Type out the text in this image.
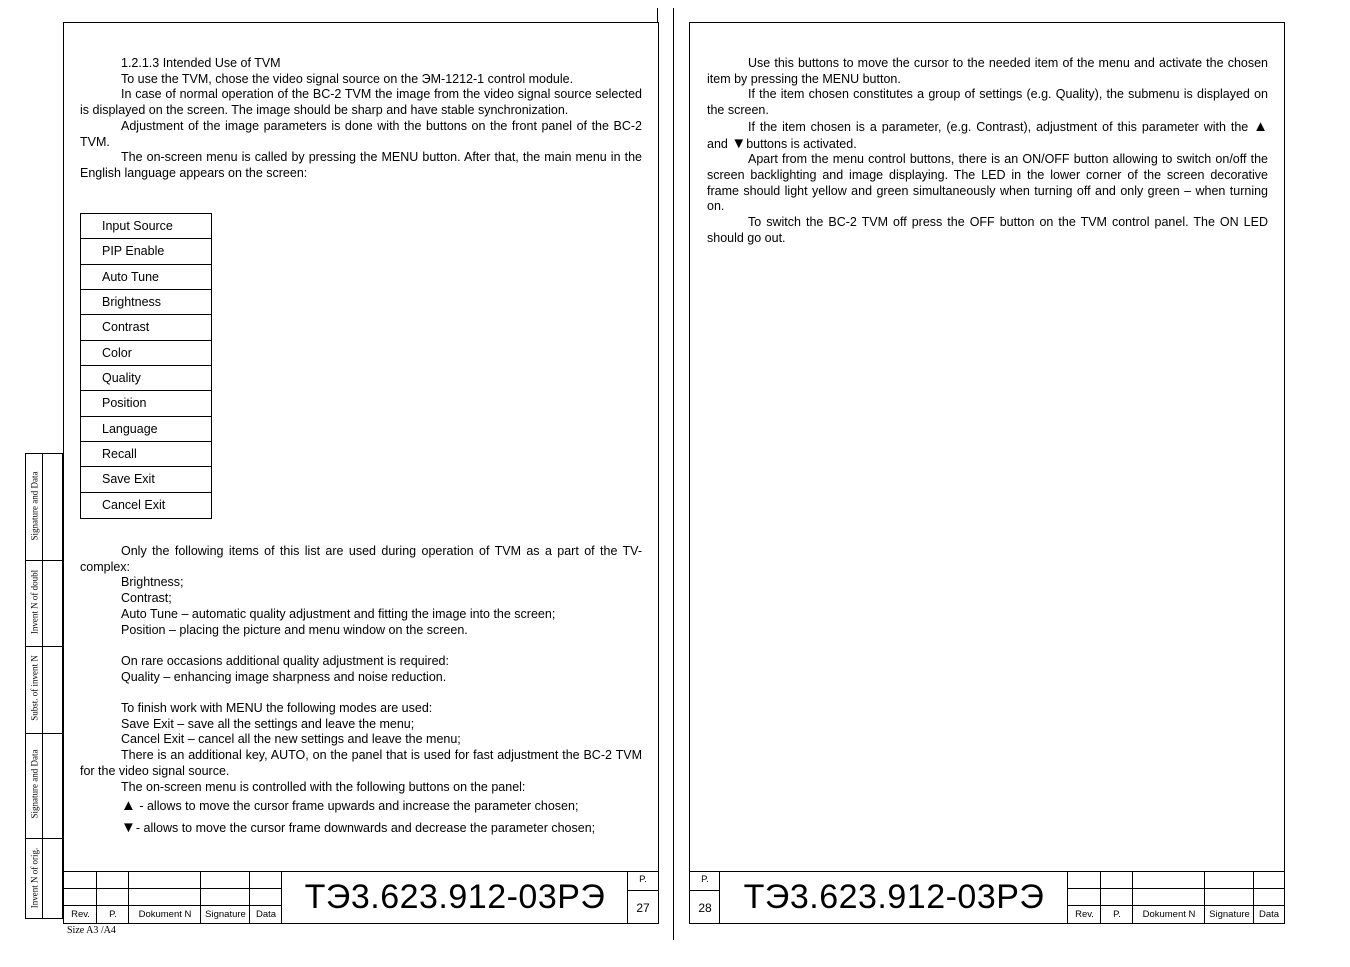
1.2.1.3 Intended Use of TVM

To use the TVM, chose the video signal source on the ЭМ-1212-1 control module.

In case of normal operation of the BC-2 TVM the image from the video signal source selected is displayed on the screen. The image should be sharp and have stable synchronization.

Adjustment of the image parameters is done with the buttons on the front panel of the BC-2 TVM.

The on-screen menu is called by pressing the MENU button. After that, the main menu in the English language appears on the screen:

Input Source
PIP Enable
Auto Tune
Brightness
Contrast
Color
Quality
Position
Language
Recall
Save Exit
Cancel Exit

Only the following items of this list are used during operation of TVM as a part of the TV-complex:

Brightness;

Contrast;

Auto Tune – automatic quality adjustment and fitting the image into the screen;

Position – placing the picture and menu window on the screen.

On rare occasions additional quality adjustment is required:

Quality – enhancing image sharpness and noise reduction.

To finish work with MENU the following modes are used:

Save Exit – save all the settings and leave the menu;

Cancel Exit – cancel all the new settings and leave the menu;

There is an additional key, AUTO, on the panel that is used for fast adjustment the BC-2 TVM for the video signal source.

The on-screen menu is controlled with the following buttons on the panel:

▲ - allows to move the cursor frame upwards and increase the parameter chosen;

▼- allows to move the cursor frame downwards and decrease the parameter chosen;

Rev.	P.	Dokument N	Signature	Data ТЭ3.623.912-03РЭ	P.
27

Use this buttons to move the cursor to the needed item of the menu and activate the chosen item by pressing the MENU button.

If the item chosen constitutes a group of settings (e.g. Quality), the submenu is displayed on the screen.

If the item chosen is a parameter, (e.g. Contrast), adjustment of this parameter with the ▲ and ▼buttons is activated.

Apart from the menu control buttons, there is an ON/OFF button allowing to switch on/off the screen backlighting and image displaying. The LED in the lower corner of the screen decorative frame should light yellow and green simultaneously when turning off and only green – when turning on.

To switch the BC-2 TVM off press the OFF button on the TVM control panel. The ON LED should go out.

P.
28 ТЭ3.623.912-03РЭ	Rev.	P.	Dokument N	Signature Data
Signature and Data
Invent N of doubl
Subst. of invent N
Signature and Data
Invent N of orig.
Size A3 /A4
